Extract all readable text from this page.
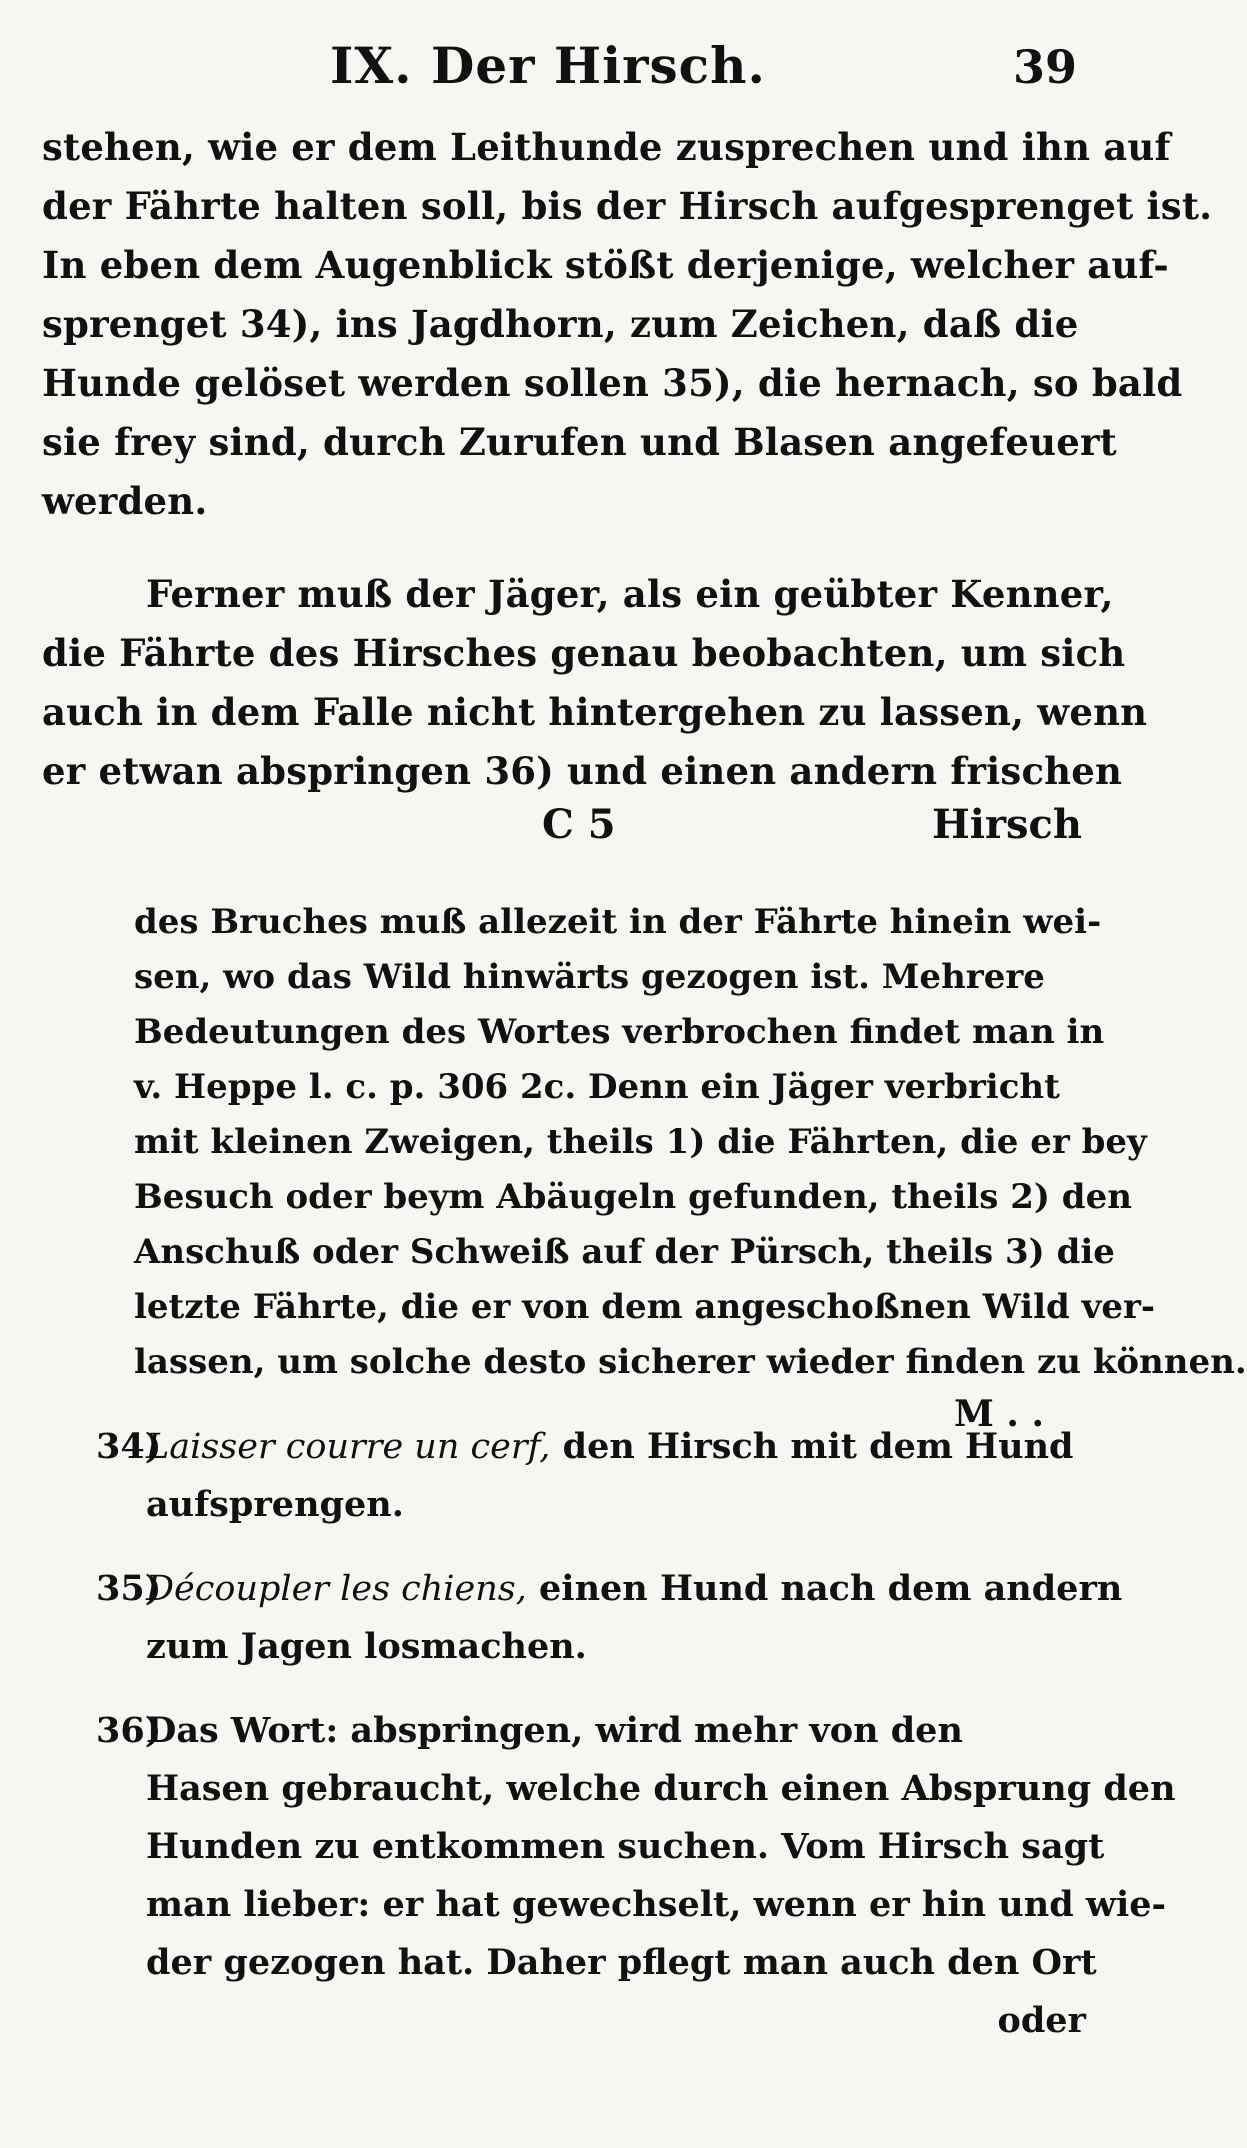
IX. Der Hirsch.	39
stehen, wie er dem Leithunde zusprechen und ihn auf
der Fährte halten soll, bis der Hirsch aufgesprenget ist.
In eben dem Augenblick stößt derjenige, welcher auf-
sprenget 34), ins Jagdhorn, zum Zeichen, daß die
Hunde gelöset werden sollen 35), die hernach, so bald
sie frey sind, durch Zurufen und Blasen angefeuert
werden.
Ferner muß der Jäger, als ein geübter Kenner,
die Fährte des Hirsches genau beobachten, um sich
auch in dem Falle nicht hintergehen zu lassen, wenn
er etwan abspringen 36) und einen andern frischen
C 5	Hirsch
des Bruches muß allezeit in der Fährte hinein wei-
sen, wo das Wild hinwärts gezogen ist. Mehrere
Bedeutungen des Wortes verbrochen findet man in
v. Heppe l. c. p. 306 2c. Denn ein Jäger verbricht
mit kleinen Zweigen, theils 1) die Fährten, die er bey
Besuch oder beym Abäugeln gefunden, theils 2) den
Anschuß oder Schweiß auf der Pürsch, theils 3) die
letzte Fährte, die er von dem angeschoßnen Wild ver-
lassen, um solche desto sicherer wieder finden zu können.
M . .
34)Laisser courre un cerf, den Hirsch mit dem Hund
aufsprengen.
35)Découpler les chiens, einen Hund nach dem andern
zum Jagen losmachen.
36)Das Wort: abspringen, wird mehr von den
Hasen gebraucht, welche durch einen Absprung den
Hunden zu entkommen suchen. Vom Hirsch sagt
man lieber: er hat gewechselt, wenn er hin und wie-
der gezogen hat. Daher pflegt man auch den Ort
oder
